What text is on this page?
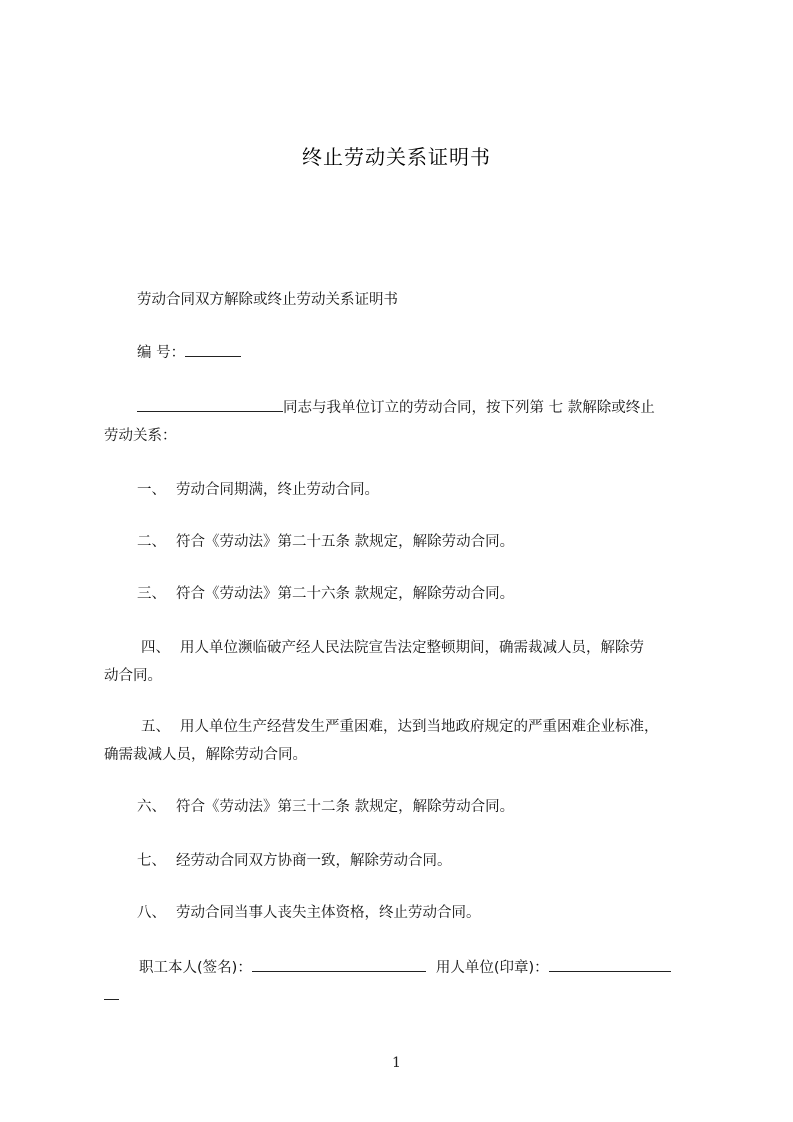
终止劳动关系证明书
劳动合同双方解除或终止劳动关系证明书
编 号：
同志与我单位订立的劳动合同，按下列第 七 款解除或终止
劳动关系：
一、 劳动合同期满，终止劳动合同。
二、 符合《劳动法》第二十五条 款规定，解除劳动合同。
三、 符合《劳动法》第二十六条 款规定，解除劳动合同。
四、 用人单位濒临破产经人民法院宣告法定整顿期间，确需裁减人员，解除劳
动合同。
五、 用人单位生产经营发生严重困难，达到当地政府规定的严重困难企业标准，
确需裁减人员，解除劳动合同。
六、 符合《劳动法》第三十二条 款规定，解除劳动合同。
七、 经劳动合同双方协商一致，解除劳动合同。
八、 劳动合同当事人丧失主体资格，终止劳动合同。
职工本人(签名)：	用人单位(印章)：
1
